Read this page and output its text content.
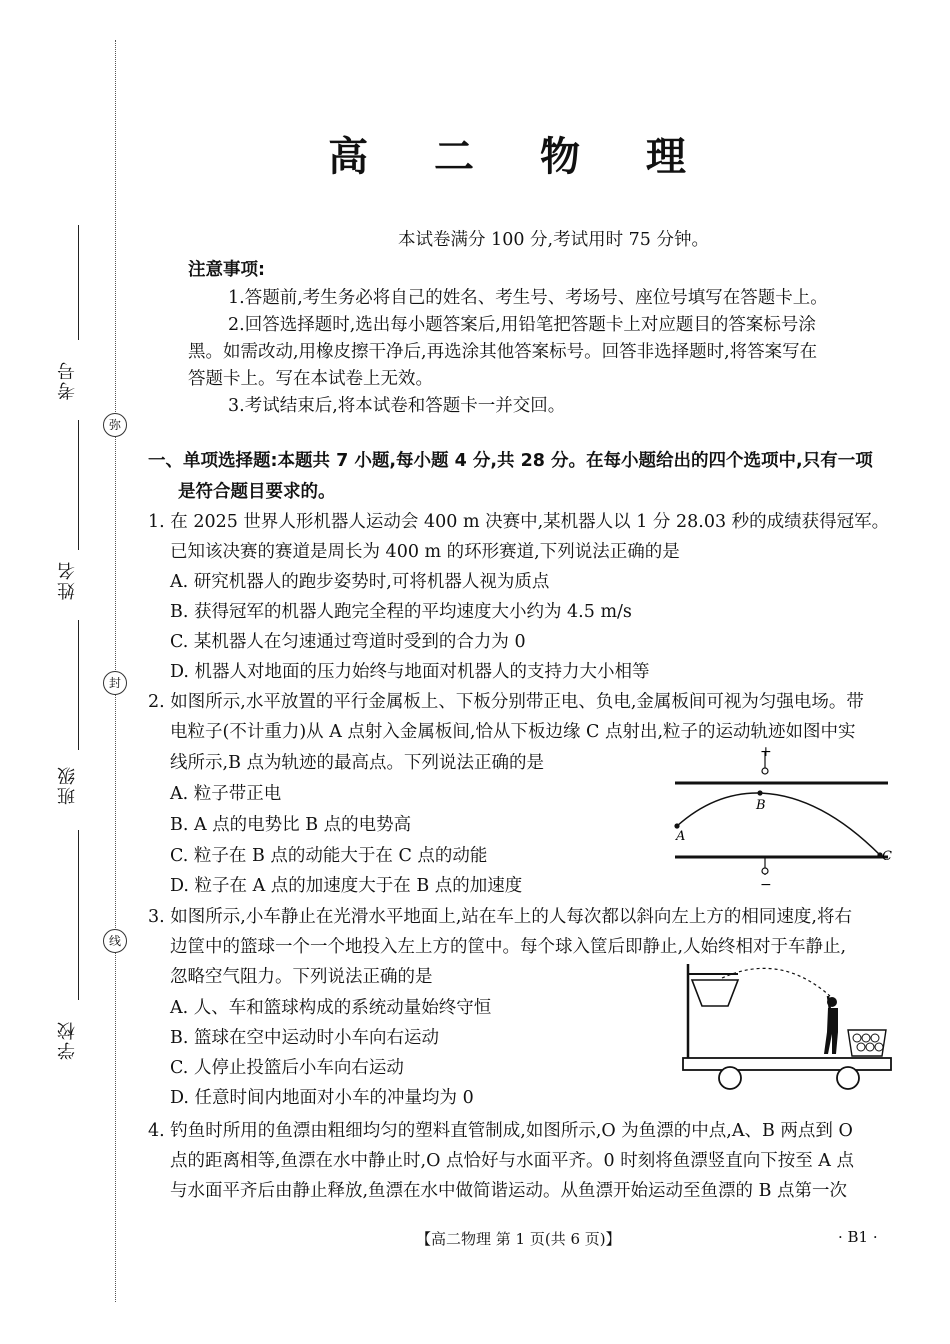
弥
封
线
考号
姓名
班级
学校
高 二 物 理
本试卷满分 100 分,考试用时 75 分钟。
注意事项:
1.答题前,考生务必将自己的姓名、考生号、考场号、座位号填写在答题卡上。
2.回答选择题时,选出每小题答案后,用铅笔把答题卡上对应题目的答案标号涂
黑。如需改动,用橡皮擦干净后,再选涂其他答案标号。回答非选择题时,将答案写在
答题卡上。写在本试卷上无效。
3.考试结束后,将本试卷和答题卡一并交回。
一、单项选择题:本题共 7 小题,每小题 4 分,共 28 分。在每小题给出的四个选项中,只有一项
是符合题目要求的。
1. 在 2025 世界人形机器人运动会 400 m 决赛中,某机器人以 1 分 28.03 秒的成绩获得冠军。
已知该决赛的赛道是周长为 400 m 的环形赛道,下列说法正确的是
A. 研究机器人的跑步姿势时,可将机器人视为质点
B. 获得冠军的机器人跑完全程的平均速度大小约为 4.5 m/s
C. 某机器人在匀速通过弯道时受到的合力为 0
D. 机器人对地面的压力始终与地面对机器人的支持力大小相等
2. 如图所示,水平放置的平行金属板上、下板分别带正电、负电,金属板间可视为匀强电场。带
电粒子(不计重力)从 A 点射入金属板间,恰从下板边缘 C 点射出,粒子的运动轨迹如图中实
线所示,B 点为轨迹的最高点。下列说法正确的是
A. 粒子带正电
B. A 点的电势比 B 点的电势高
C. 粒子在 B 点的动能大于在 C 点的动能
D. 粒子在 A 点的加速度大于在 B 点的加速度
+
−
A
B
C
3. 如图所示,小车静止在光滑水平地面上,站在车上的人每次都以斜向左上方的相同速度,将右
边筐中的篮球一个一个地投入左上方的筐中。每个球入筐后即静止,人始终相对于车静止,
忽略空气阻力。下列说法正确的是
A. 人、车和篮球构成的系统动量始终守恒
B. 篮球在空中运动时小车向右运动
C. 人停止投篮后小车向右运动
D. 任意时间内地面对小车的冲量均为 0
4. 钓鱼时所用的鱼漂由粗细均匀的塑料直管制成,如图所示,O 为鱼漂的中点,A、B 两点到 O
点的距离相等,鱼漂在水中静止时,O 点恰好与水面平齐。0 时刻将鱼漂竖直向下按至 A 点
与水面平齐后由静止释放,鱼漂在水中做简谐运动。从鱼漂开始运动至鱼漂的 B 点第一次
【高二物理 第 1 页(共 6 页)】	· B1 ·
